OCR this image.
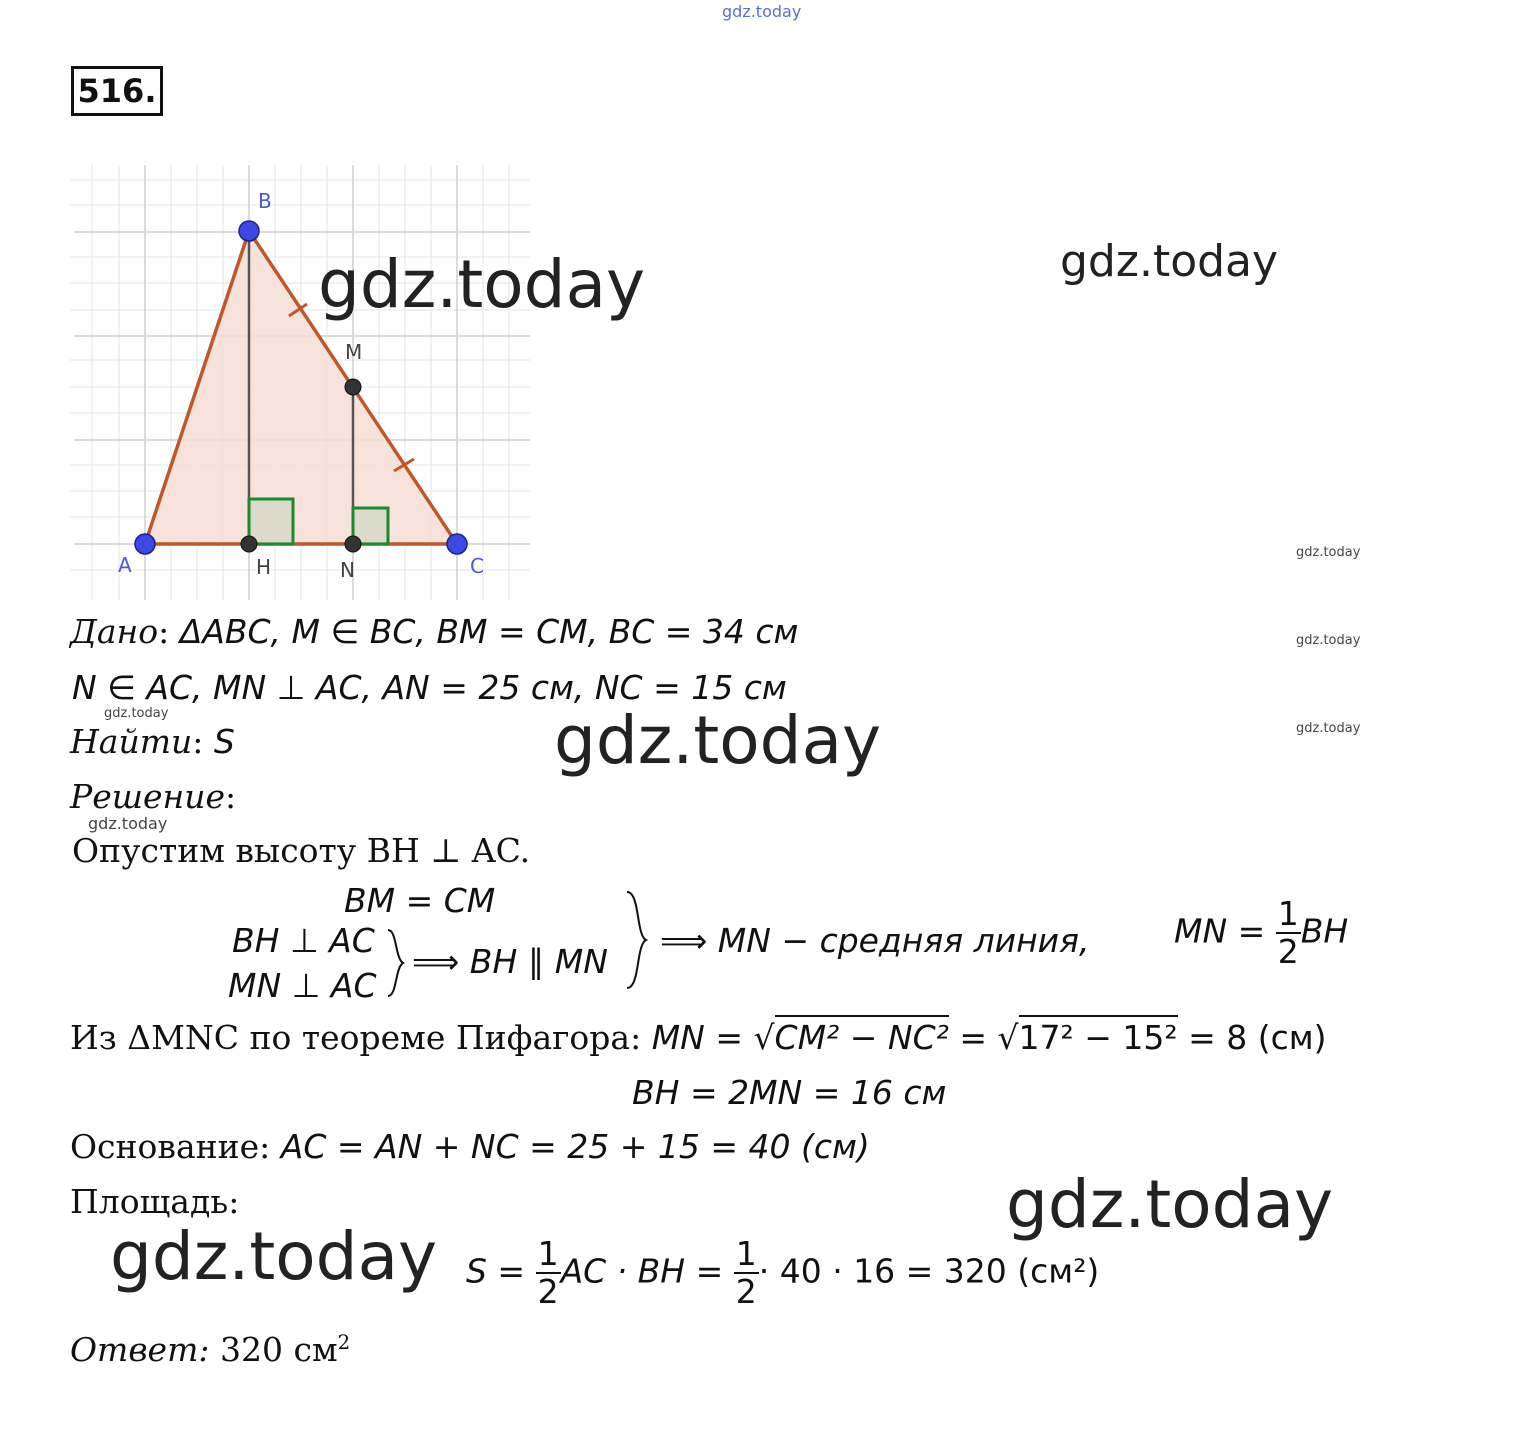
gdz.today
516.
B
A	C
M
H	N
gdz.today	gdz.today
gdz.today
gdz.today
gdz.today
gdz.today
gdz.today
gdz.today
gdz.today
gdz.today
Дано: ΔABC, M ∈ BC, BM = CM, BC = 34 см
N ∈ AC, MN ⊥ AC, AN = 25 см, NC = 15 см
Найти: S
Решение:
Опустим высоту BH ⊥ AC.
BM = CM
BH ⊥ AC
MN ⊥ AC
⟹ BH ∥ MN
⟹ MN − средняя линия,	MN = $\frac{1}{2}$ BH
Из ΔMNC по теореме Пифагора: MN = √CM² − NC² = √17² − 15² = 8 (см)
BH = 2MN = 16 см
Основание: AC = AN + NC = 25 + 15 = 40 (см)
Площадь:
$S = \frac{1}{2}$ AC · BH = $\frac{1}{2} \cdot 40 \cdot 16 = 320$ (см²)
Ответ: 320 $см^2$
